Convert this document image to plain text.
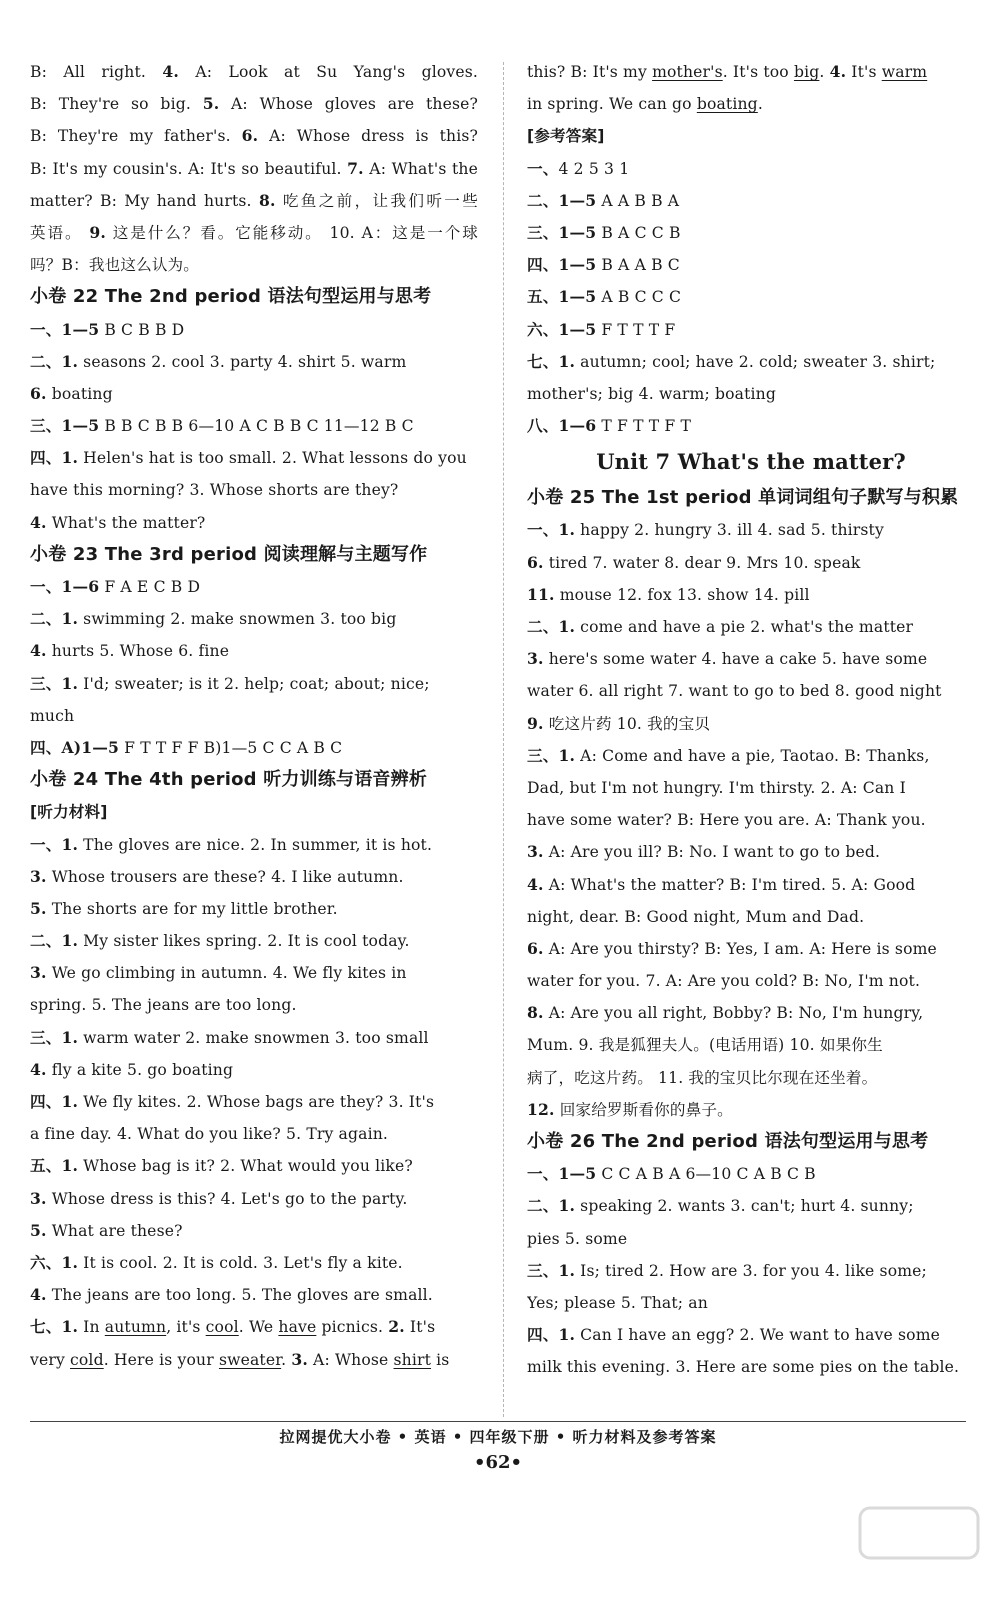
B: All right. 4. A: Look at Su Yang's gloves.
B: They're so big. 5. A: Whose gloves are these?
B: They're my father's. 6. A: Whose dress is this?
B: It's my cousin's. A: It's so beautiful. 7. A: What's the
matter? B: My hand hurts. 8. 吃鱼之前，让我们听一些
英语。 9. 这是什么？看。它能移动。 10. A：这是一个球
吗？B：我也这么认为。
小卷 22 The 2nd period 语法句型运用与思考
一、1—5 B C B B D
二、1. seasons 2. cool 3. party 4. shirt 5. warm
6. boating
三、1—5 B B C B B 6—10 A C B B C 11—12 B C
四、1. Helen's hat is too small. 2. What lessons do you
have this morning? 3. Whose shorts are they?
4. What's the matter?
小卷 23 The 3rd period 阅读理解与主题写作
一、1—6 F A E C B D
二、1. swimming 2. make snowmen 3. too big
4. hurts 5. Whose 6. fine
三、1. I'd; sweater; is it 2. help; coat; about; nice;
much
四、A)1—5 F T T F F B)1—5 C C A B C
小卷 24 The 4th period 听力训练与语音辨析
[听力材料]
一、1. The gloves are nice. 2. In summer, it is hot.
3. Whose trousers are these? 4. I like autumn.
5. The shorts are for my little brother.
二、1. My sister likes spring. 2. It is cool today.
3. We go climbing in autumn. 4. We fly kites in
spring. 5. The jeans are too long.
三、1. warm water 2. make snowmen 3. too small
4. fly a kite 5. go boating
四、1. We fly kites. 2. Whose bags are they? 3. It's
a fine day. 4. What do you like? 5. Try again.
五、1. Whose bag is it? 2. What would you like?
3. Whose dress is this? 4. Let's go to the party.
5. What are these?
六、1. It is cool. 2. It is cold. 3. Let's fly a kite.
4. The jeans are too long. 5. The gloves are small.
七、1. In autumn, it's cool. We have picnics. 2. It's
very cold. Here is your sweater. 3. A: Whose shirt is
this? B: It's my mother's. It's too big. 4. It's warm
in spring. We can go boating.
[参考答案]
一、4 2 5 3 1
二、1—5 A A B B A
三、1—5 B A C C B
四、1—5 B A A B C
五、1—5 A B C C C
六、1—5 F T T T F
七、1. autumn; cool; have 2. cold; sweater 3. shirt;
mother's; big 4. warm; boating
八、1—6 T F T T F T
Unit 7 What's the matter?
小卷 25 The 1st period 单词词组句子默写与积累
一、1. happy 2. hungry 3. ill 4. sad 5. thirsty
6. tired 7. water 8. dear 9. Mrs 10. speak
11. mouse 12. fox 13. show 14. pill
二、1. come and have a pie 2. what's the matter
3. here's some water 4. have a cake 5. have some
water 6. all right 7. want to go to bed 8. good night
9. 吃这片药 10. 我的宝贝
三、1. A: Come and have a pie, Taotao. B: Thanks,
Dad, but I'm not hungry. I'm thirsty. 2. A: Can I
have some water? B: Here you are. A: Thank you.
3. A: Are you ill? B: No. I want to go to bed.
4. A: What's the matter? B: I'm tired. 5. A: Good
night, dear. B: Good night, Mum and Dad.
6. A: Are you thirsty? B: Yes, I am. A: Here is some
water for you. 7. A: Are you cold? B: No, I'm not.
8. A: Are you all right, Bobby? B: No, I'm hungry,
Mum. 9. 我是狐狸夫人。(电话用语) 10. 如果你生
病了，吃这片药。 11. 我的宝贝比尔现在还坐着。
12. 回家给罗斯看你的鼻子。
小卷 26 The 2nd period 语法句型运用与思考
一、1—5 C C A B A 6—10 C A B C B
二、1. speaking 2. wants 3. can't; hurt 4. sunny;
pies 5. some
三、1. Is; tired 2. How are 3. for you 4. like some;
Yes; please 5. That; an
四、1. Can I have an egg? 2. We want to have some
milk this evening. 3. Here are some pies on the table.
拉网提优大小卷 • 英语 • 四年级下册 • 听力材料及参考答案
•62•
